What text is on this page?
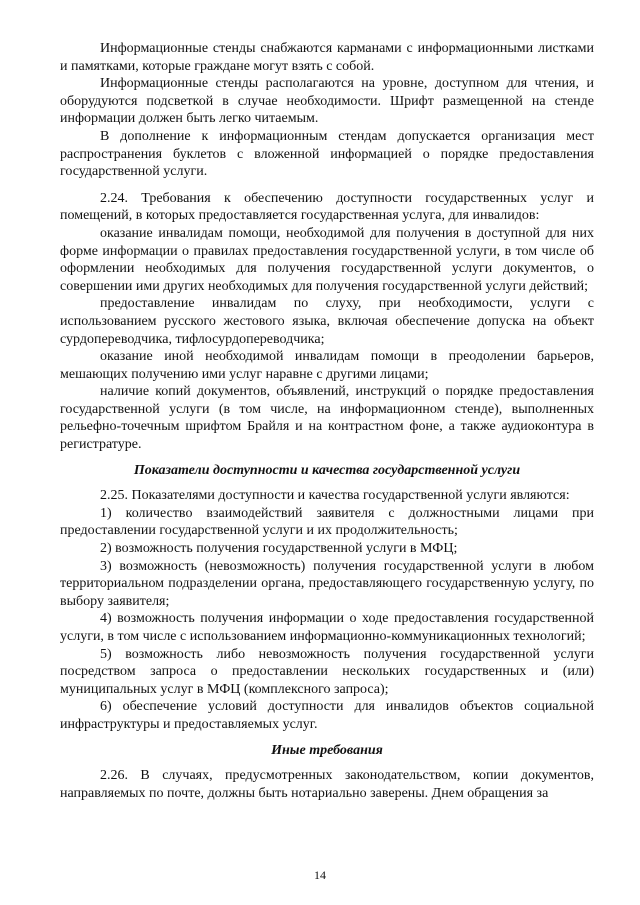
Информационные стенды снабжаются карманами с информационными листками и памятками, которые граждане могут взять с собой.

Информационные стенды располагаются на уровне, доступном для чтения, и оборудуются подсветкой в случае необходимости. Шрифт размещенной на стенде информации должен быть легко читаемым.

В дополнение к информационным стендам допускается организация мест распространения буклетов с вложенной информацией о порядке предоставления государственной услуги.

2.24. Требования к обеспечению доступности государственных услуг и помещений, в которых предоставляется государственная услуга, для инвалидов:

оказание инвалидам помощи, необходимой для получения в доступной для них форме информации о правилах предоставления государственной услуги, в том числе об оформлении необходимых для получения государственной услуги документов, о совершении ими других необходимых для получения государственной услуги действий;

предоставление инвалидам по слуху, при необходимости, услуги с использованием русского жестового языка, включая обеспечение допуска на объект сурдопереводчика, тифлосурдопереводчика;

оказание иной необходимой инвалидам помощи в преодолении барьеров, мешающих получению ими услуг наравне с другими лицами;

наличие копий документов, объявлений, инструкций о порядке предоставления государственной услуги (в том числе, на информационном стенде), выполненных рельефно-точечным шрифтом Брайля и на контрастном фоне, а также аудиоконтура в регистратуре.

Показатели доступности и качества государственной услуги

2.25. Показателями доступности и качества государственной услуги являются:

1) количество взаимодействий заявителя с должностными лицами при предоставлении государственной услуги и их продолжительность;

2) возможность получения государственной услуги в МФЦ;

3) возможность (невозможность) получения государственной услуги в любом территориальном подразделении органа, предоставляющего государственную услугу, по выбору заявителя;

4) возможность получения информации о ходе предоставления государственной услуги, в том числе с использованием информационно-коммуникационных технологий;

5) возможность либо невозможность получения государственной услуги посредством запроса о предоставлении нескольких государственных и (или) муниципальных услуг в МФЦ (комплексного запроса);

6) обеспечение условий доступности для инвалидов объектов социальной инфраструктуры и предоставляемых услуг.

Иные требования

2.26. В случаях, предусмотренных законодательством, копии документов, направляемых по почте, должны быть нотариально заверены. Днем обращения за

14
